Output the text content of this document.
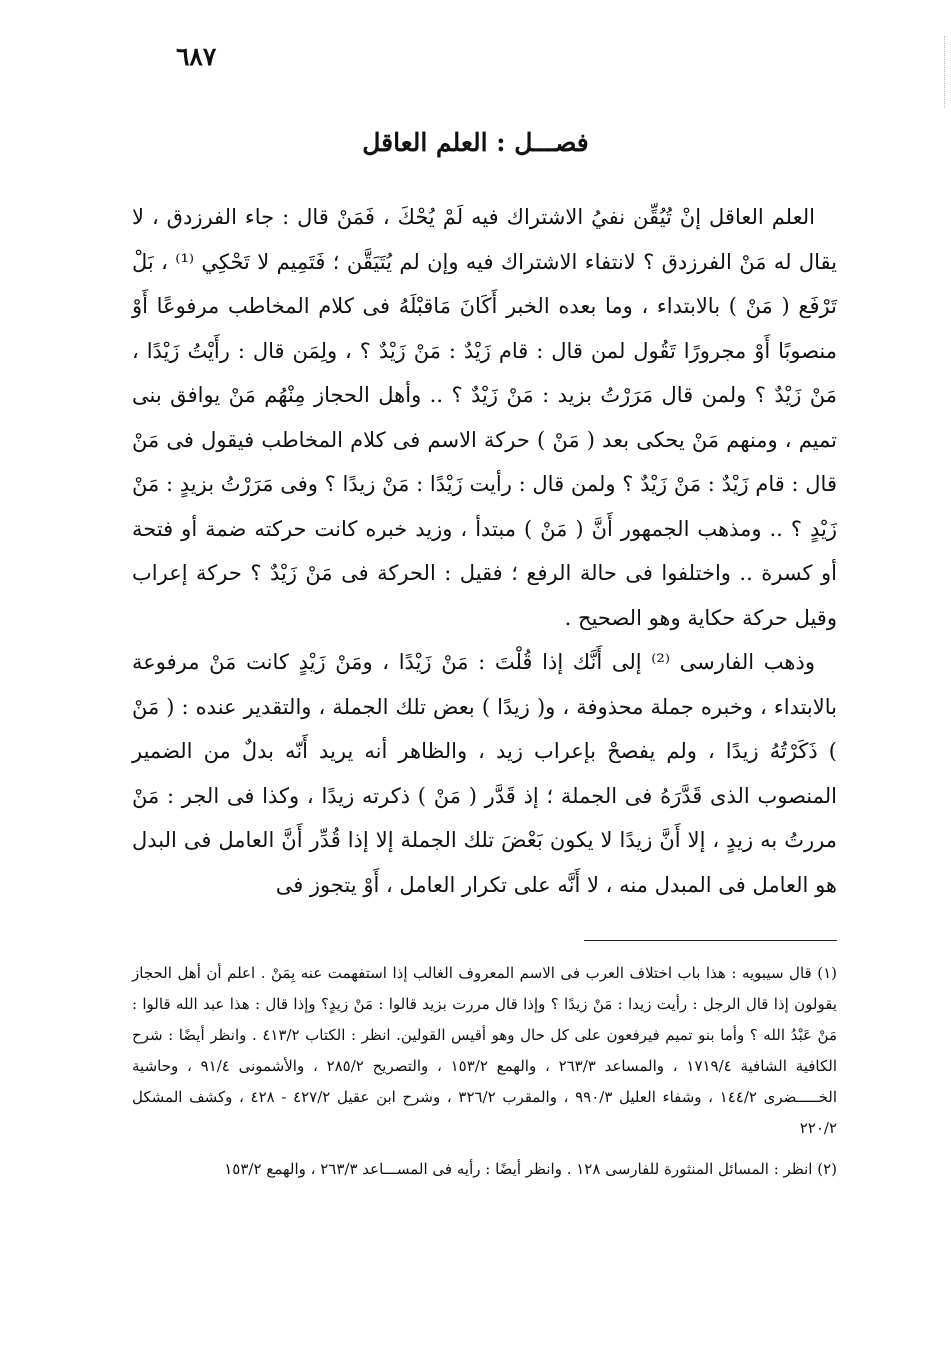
٦٨٧
فصـــل : العلم العاقل

العلم العاقل إنْ تُيُقِّن نفيُ الاشتراك فيه لَمْ يُحْكَ ، فَمَنْ قال : جاء الفرزدق ، لا يقال له مَنْ الفرزدق ؟ لانتفاء الاشتراك فيه وإن لم يُتَيَقَّن ؛ فَتَمِيم لا تَحْكِي ⁽¹⁾ ، بَلْ تَرْفَع ( مَنْ ) بالابتداء ، وما بعده الخبر أَكَانَ مَاقبْلَهُ فى كلام المخاطب مرفوعًا أَوْ منصوبًا أَوْ مجرورًا تَقُول لمن قال : قام زَيْدٌ : مَنْ زَيْدٌ ؟ ، ولِمَن قال : رأَيْتُ زَيْدًا ، مَنْ زَيْدٌ ؟ ولمن قال مَرَرْتُ بزيد : مَنْ زَيْدٌ ؟ .. وأهل الحجاز مِنْهُم مَنْ يوافق بنى تميم ، ومنهم مَنْ يحكى بعد ( مَنْ ) حركة الاسم فى كلام المخاطب فيقول فى مَنْ قال : قام زَيْدٌ : مَنْ زَيْدٌ ؟ ولمن قال : رأيت زَيْدًا : مَنْ زيدًا ؟ وفى مَرَرْتُ بزيدٍ : مَنْ زَيْدٍ ؟ .. ومذهب الجمهور أَنَّ ( مَنْ ) مبتدأ ، وزيد خبره كانت حركته ضمة أو فتحة أو كسرة .. واختلفوا فى حالة الرفع ؛ فقيل : الحركة فى مَنْ زَيْدٌ ؟ حركة إعراب وقيل حركة حكاية وهو الصحيح .

وذهب الفارسى ⁽²⁾ إلى أَنَّك إذا قُلْتَ : مَنْ زَيْدًا ، ومَنْ زَيْدٍ كانت مَنْ مرفوعة بالابتداء ، وخبره جملة محذوفة ، و( زيدًا ) بعض تلك الجملة ، والتقدير عنده : ( مَنْ ) ذَكَرْتُهُ زيدًا ، ولم يفصحْ بإعراب زيد ، والظاهر أنه يريد أَنّه بدلٌ من الضمير المنصوب الذى قَدَّرَهُ فى الجملة ؛ إذ قَدَّر ( مَنْ ) ذكرته زيدًا ، وكذا فى الجر : مَنْ مررتُ به زيدٍ ، إلا أَنَّ زيدًا لا يكون بَعْضَ تلك الجملة إلا إذا قُدِّر أَنَّ العامل فى البدل هو العامل فى المبدل منه ، لا أَنَّه على تكرار العامل ، أَوْ يتجوز فى

(١) قال سيبويه : هذا باب اختلاف العرب فى الاسم المعروف الغالب إذا استفهمت عنه بِمَنْ . اعلم أن أهل الحجاز يقولون إذا قال الرجل : رأيت زيدا : مَنْ زيدًا ؟ وإذا قال مررت بزيد قالوا : مَنْ زيدٍ؟ وإذا قال : هذا عبد الله قالوا : مَنْ عَبْدُ الله ؟ وأما بنو تميم فيرفعون على كل حال وهو أقيس القولين. انظر : الكتاب ٤١٣/٢ . وانظر أيضًا : شرح الكافية الشافية ١٧١٩/٤ ، والمساعد ٢٦٣/٣ ، والهمع ١٥٣/٢ ، والتصريح ٢٨٥/٢ ، والأشمونى ٩١/٤ ، وحاشية الخـــــضرى ١٤٤/٢ ، وشفاء العليل ٩٩٠/٣ ، والمقرب ٣٢٦/٢ ، وشرح ابن عقيل ٤٢٧/٢ - ٤٢٨ ، وكشف المشكل ٢٢٠/٢

(٢) انظر : المسائل المنثورة للفارسى ١٢٨ . وانظر أيضًا : رأيه فى المســـاعد ٢٦٣/٣ ، والهمع ١٥٣/٢
